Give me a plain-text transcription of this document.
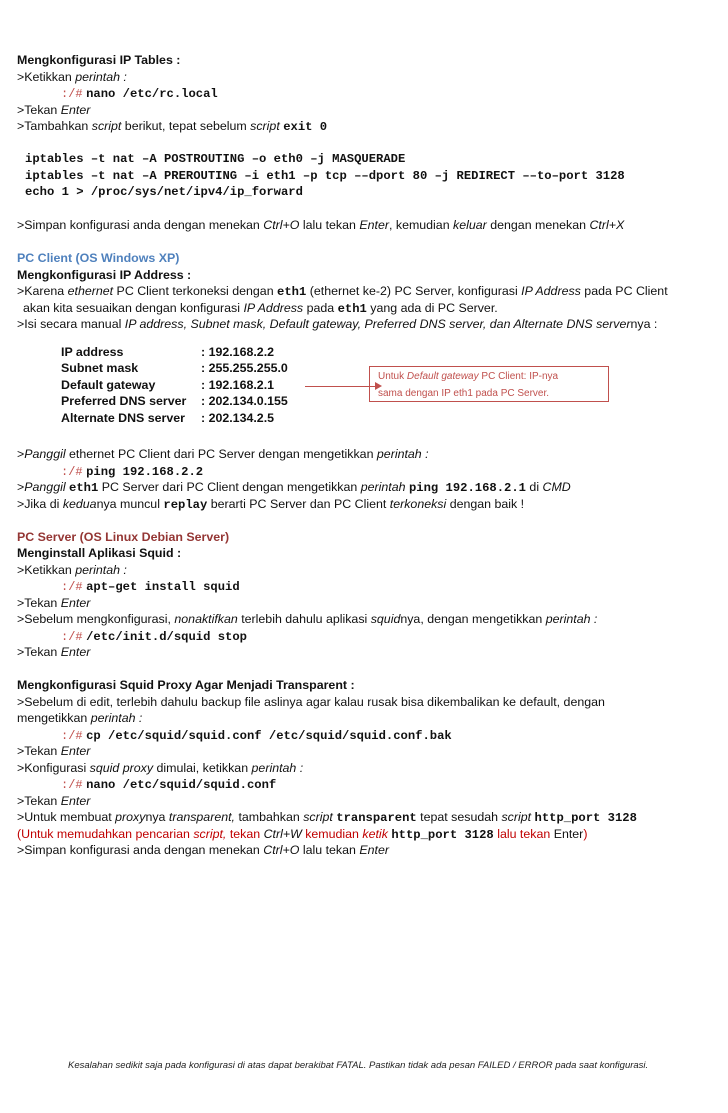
Mengkonfigurasi IP Tables :
>Ketikkan perintah :
:/# nano /etc/rc.local
>Tekan Enter
>Tambahkan script berikut, tepat sebelum script exit 0
iptables –t nat –A POSTROUTING –o eth0 –j MASQUERADE
iptables –t nat –A PREROUTING –i eth1 –p tcp ––dport 80 –j REDIRECT ––to–port 3128
echo 1 > /proc/sys/net/ipv4/ip_forward
>Simpan konfigurasi anda dengan menekan Ctrl+O lalu tekan Enter, kemudian keluar dengan menekan Ctrl+X
PC Client (OS Windows XP)
Mengkonfigurasi IP Address :
>Karena ethernet PC Client terkoneksi dengan eth1 (ethernet ke-2) PC Server, konfigurasi IP Address pada PC Client
akan kita sesuaikan dengan konfigurasi IP Address pada eth1 yang ada di PC Server.
>Isi secara manual IP address, Subnet mask, Default gateway, Preferred DNS server, dan Alternate DNS servernya :
IP address	: 192.168.2.2
Subnet mask	: 255.255.255.0
Default gateway	: 192.168.2.1
Preferred DNS server	: 202.134.0.155
Alternate DNS server	: 202.134.2.5
Untuk Default gateway PC Client: IP-nya
sama dengan IP eth1 pada PC Server.
>Panggil ethernet PC Client dari PC Server dengan mengetikkan perintah :
:/# ping 192.168.2.2
>Panggil eth1 PC Server dari PC Client dengan mengetikkan perintah ping 192.168.2.1 di CMD
>Jika di keduanya muncul replay berarti PC Server dan PC Client terkoneksi dengan baik !
PC Server (OS Linux Debian Server)
Menginstall Aplikasi Squid :
>Ketikkan perintah :
:/# apt–get install squid
>Tekan Enter
>Sebelum mengkonfigurasi, nonaktifkan terlebih dahulu aplikasi squidnya, dengan mengetikkan perintah :
:/# /etc/init.d/squid stop
>Tekan Enter
Mengkonfigurasi Squid Proxy Agar Menjadi Transparent :
>Sebelum di edit, terlebih dahulu backup file aslinya agar kalau rusak bisa dikembalikan ke default, dengan
mengetikkan perintah :
:/# cp /etc/squid/squid.conf /etc/squid/squid.conf.bak
>Tekan Enter
>Konfigurasi squid proxy dimulai, ketikkan perintah :
:/# nano /etc/squid/squid.conf
>Tekan Enter
>Untuk membuat proxynya transparent, tambahkan script transparent tepat sesudah script http_port 3128
(Untuk memudahkan pencarian script, tekan Ctrl+W kemudian ketik http_port 3128 lalu tekan Enter)
>Simpan konfigurasi anda dengan menekan Ctrl+O lalu tekan Enter
Kesalahan sedikit saja pada konfigurasi di atas dapat berakibat FATAL. Pastikan tidak ada pesan FAILED / ERROR pada saat konfigurasi.
